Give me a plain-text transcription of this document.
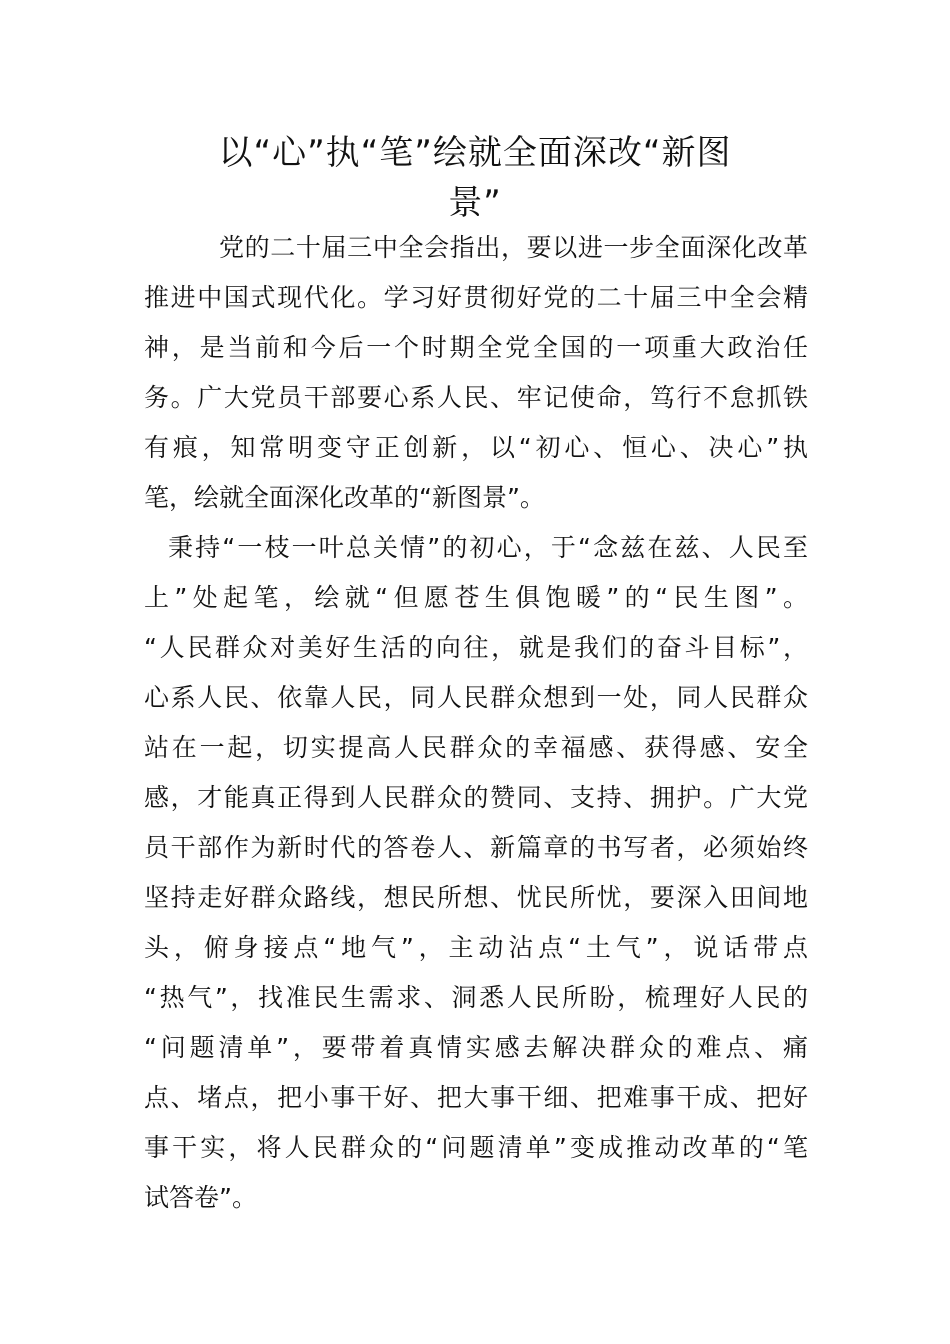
以“心”执“笔”绘就全面深改“新图
景”
党的二十届三中全会指出，要以进一步全面深化改革
推进中国式现代化。学习好贯彻好党的二十届三中全会精
神，是当前和今后一个时期全党全国的一项重大政治任
务。广大党员干部要心系人民、牢记使命，笃行不怠抓铁
有痕，知常明变守正创新，以“初心、恒心、决心”执
笔，绘就全面深化改革的“新图景”。
秉持“一枝一叶总关情”的初心，于“念兹在兹、人民至
上”处起笔，绘就“但愿苍生俱饱暖”的“民生图”。
“人民群众对美好生活的向往，就是我们的奋斗目标”，
心系人民、依靠人民，同人民群众想到一处，同人民群众
站在一起，切实提高人民群众的幸福感、获得感、安全
感，才能真正得到人民群众的赞同、支持、拥护。广大党
员干部作为新时代的答卷人、新篇章的书写者，必须始终
坚持走好群众路线，想民所想、忧民所忧，要深入田间地
头，俯身接点“地气”，主动沾点“土气”，说话带点
“热气”，找准民生需求、洞悉人民所盼，梳理好人民的
“问题清单”，要带着真情实感去解决群众的难点、痛
点、堵点，把小事干好、把大事干细、把难事干成、把好
事干实，将人民群众的“问题清单”变成推动改革的“笔
试答卷”。
